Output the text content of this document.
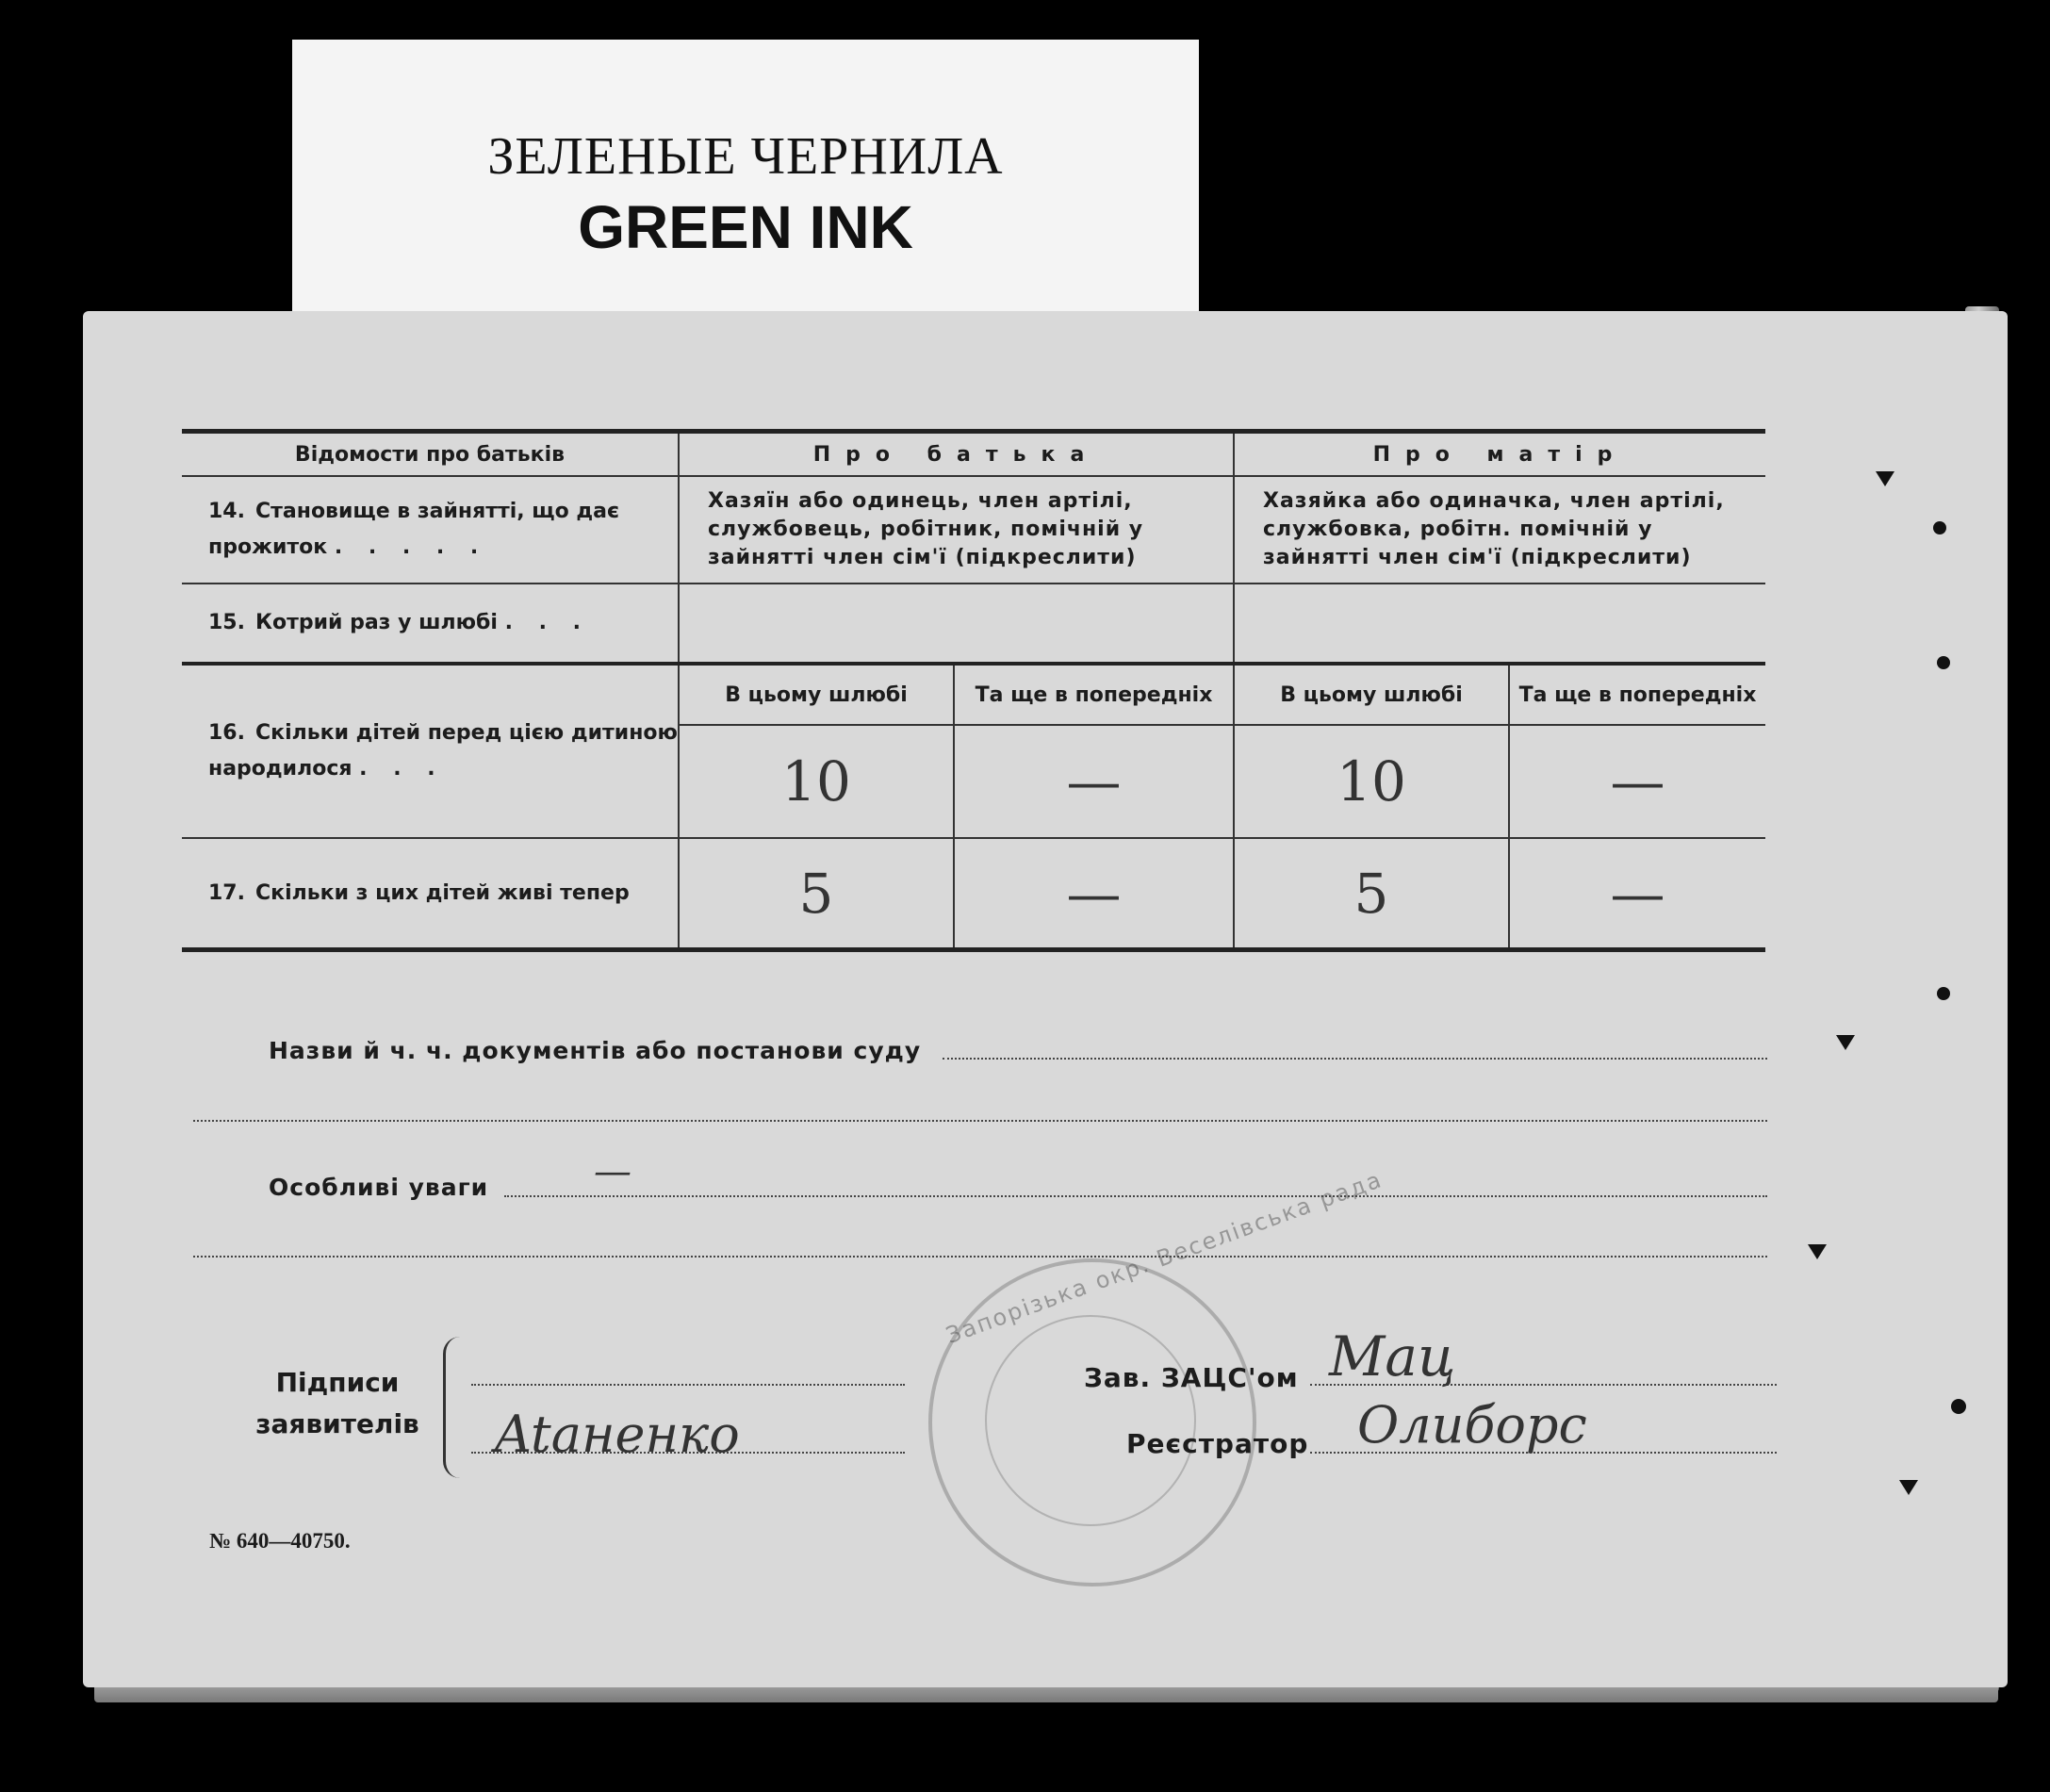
ЗЕЛЕНЫЕ ЧЕРНИЛА
GREEN INK
Відомости про батьків	Про батька		Про матір	
14. Становище в зайнятті, що дає прожиток . . . . .	Хазяїн або одинець, член артілі, службовець, робітник, помічній у зайнятті член сім'ї (підкреслити)		Хазяйка або одиначка, член артілі, службовка, робітн. помічній у зайнятті член сім'ї (підкреслити)	
15. Котрий раз у шлюбі . . .				
16. Скільки дітей перед цією дитиною народилося . . .	В цьому шлюбі	Та ще в попередніх	В цьому шлюбі	Та ще в попередніх
	10	—	10	—
17. Скільки з цих дітей живі тепер	5	—	5	—
Назви й ч. ч. документів або постанови суду
Особливі уваги	—	Запорізька окр. Веселівська рада
Підписи
заявителів Ataненко
Зав. ЗАЦС'ом Мац
Реєстратор Олиборс
№ 640—40750.
